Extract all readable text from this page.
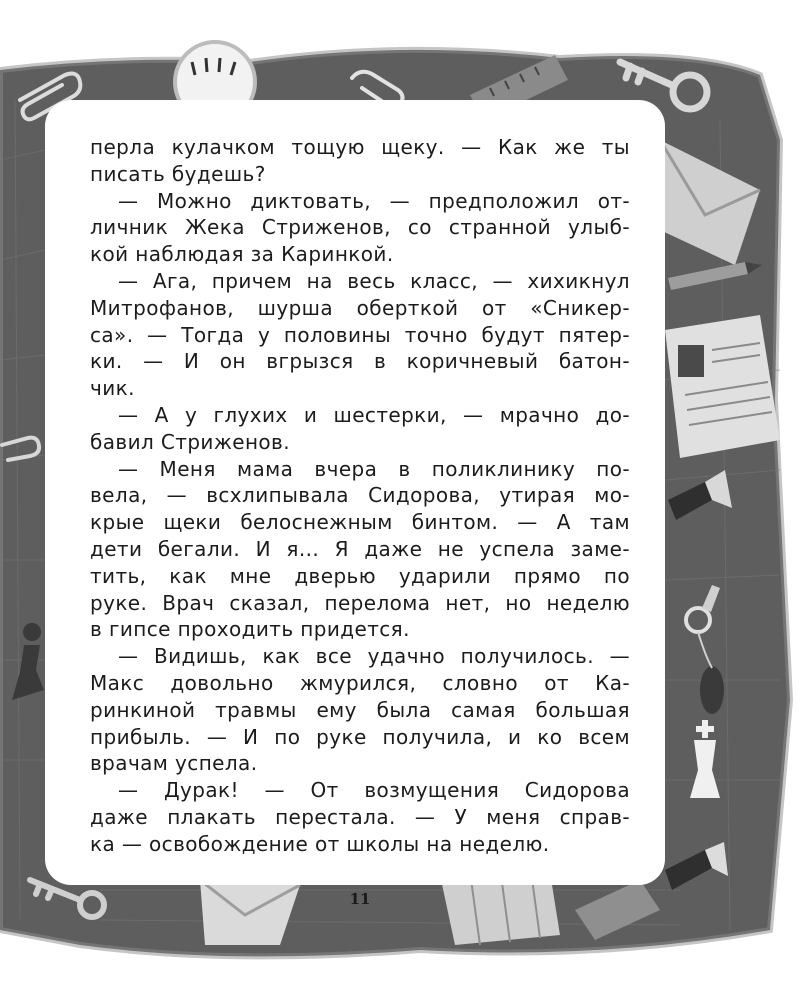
перла кулачком тощую щеку. — Как же ты
писать будешь?
— Можно диктовать, — предположил от-
личник Жека Стриженов, со странной улыб-
кой наблюдая за Каринкой.
— Ага, причем на весь класс, — хихикнул
Митрофанов, шурша оберткой от «Сникер-
са». — Тогда у половины точно будут пятер-
ки. — И он вгрызся в коричневый батон-
чик.
— А у глухих и шестерки, — мрачно до-
бавил Стриженов.
— Меня мама вчера в поликлинику по-
вела, — всхлипывала Сидорова, утирая мо-
крые щеки белоснежным бинтом. — А там
дети бегали. И я... Я даже не успела заме-
тить, как мне дверью ударили прямо по
руке. Врач сказал, перелома нет, но неделю
в гипсе проходить придется.
— Видишь, как все удачно получилось. —
Макс довольно жмурился, словно от Ка-
ринкиной травмы ему была самая большая
прибыль. — И по руке получила, и ко всем
врачам успела.
— Дурак! — От возмущения Сидорова
даже плакать перестала. — У меня справ-
ка — освобождение от школы на неделю.
11
